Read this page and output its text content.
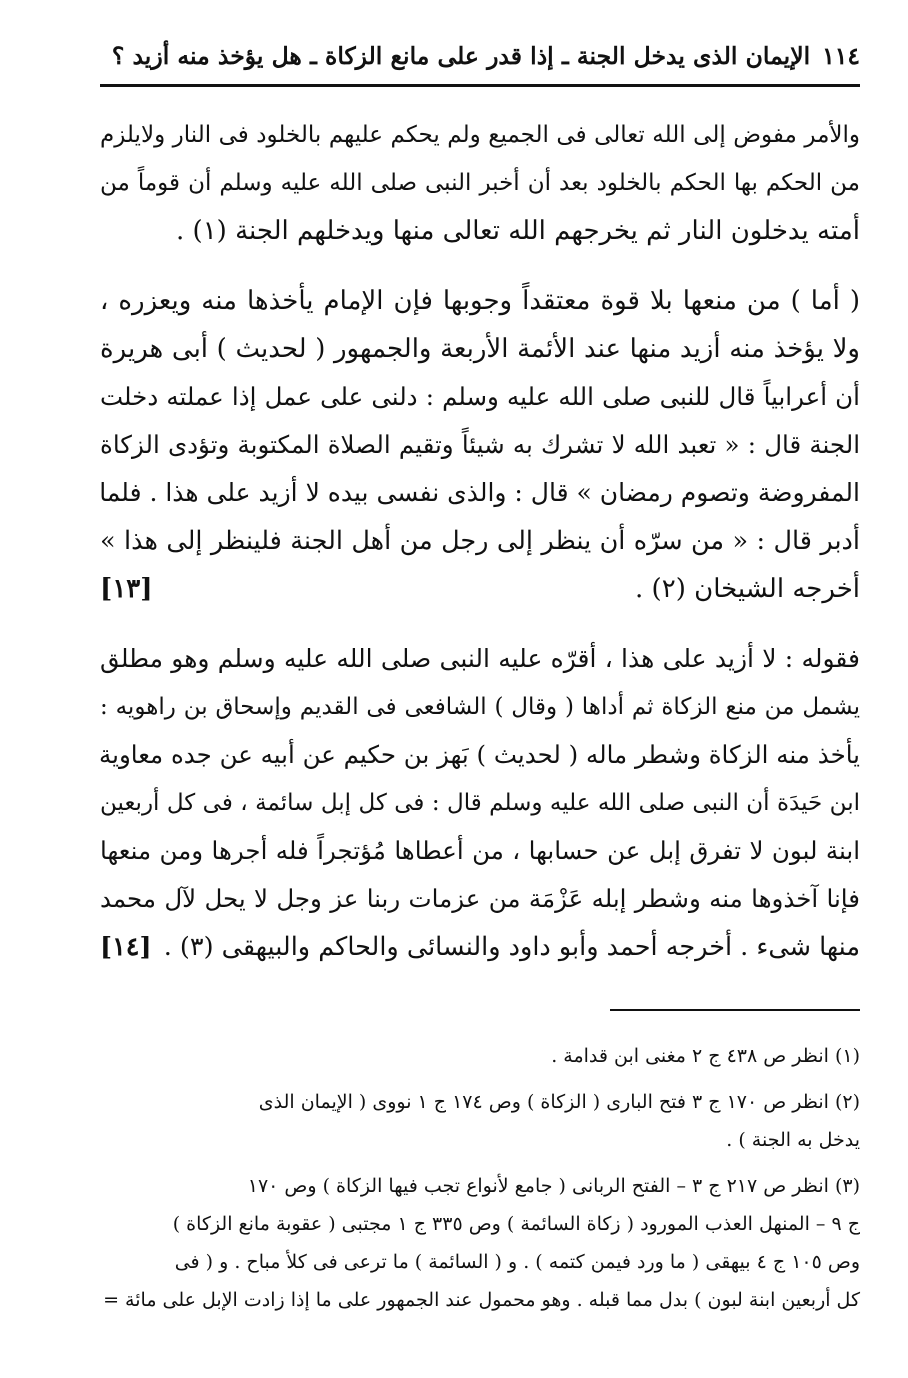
١١٤
الإيمان الذى يدخل الجنة ـ إذا قدر على مانع الزكاة ـ هل يؤخذ منه أزيد ؟
والأمر مفوض إلى الله تعالى فى الجميع ولم يحكم عليهم بالخلود فى النار ولايلزم
من الحكم بها الحكم بالخلود بعد أن أخبر النبى صلى الله عليه وسلم أن قوماً من
أمته يدخلون النار ثم يخرجهم الله تعالى منها ويدخلهم الجنة (١) .
( أما ) من منعها بلا قوة معتقداً وجوبها فإن الإمام يأخذها منه ويعزره ،
ولا يؤخذ منه أزيد منها عند الأئمة الأربعة والجمهور ( لحديث ) أبى هريرة
أن أعرابياً قال للنبى صلى الله عليه وسلم : دلنى على عمل إذا عملته دخلت
الجنة قال : « تعبد الله لا تشرك به شيئاً وتقيم الصلاة المكتوبة وتؤدى الزكاة
المفروضة وتصوم رمضان » قال : والذى نفسى بيده لا أزيد على هذا . فلما
أدبر قال : « من سرّه أن ينظر إلى رجل من أهل الجنة فلينظر إلى هذا »
أخرجه الشيخان (٢) .
[١٣]
فقوله : لا أزيد على هذا ، أقرّه عليه النبى صلى الله عليه وسلم وهو مطلق
يشمل من منع الزكاة ثم أداها ( وقال ) الشافعى فى القديم وإسحاق بن راهويه :
يأخذ منه الزكاة وشطر ماله ( لحديث ) بَهز بن حكيم عن أبيه عن جده معاوية
ابن حَيدَة أن النبى صلى الله عليه وسلم قال : فى كل إبل سائمة ، فى كل أربعين
ابنة لبون لا تفرق إبل عن حسابها ، من أعطاها مُؤتجراً فله أجرها ومن منعها
فإنا آخذوها منه وشطر إبله عَزْمَة من عزمات ربنا عز وجل لا يحل لآل محمد
منها شىء . أخرجه أحمد وأبو داود والنسائى والحاكم والبيهقى (٣) .
[١٤]
(١) انظر ص ٤٣٨ ج ٢ مغنى ابن قدامة .
(٢) انظر ص ١٧٠ ج ٣ فتح البارى ( الزكاة ) وص ١٧٤ ج ١ نووى ( الإيمان الذى
يدخل به الجنة ) .
(٣) انظر ص ٢١٧ ج ٣ – الفتح الربانى ( جامع لأنواع تجب فيها الزكاة ) وص ١٧٠
ج ٩ – المنهل العذب المورود ( زكاة السائمة ) وص ٣٣٥ ج ١ مجتبى ( عقوبة مانع الزكاة )
وص ١٠٥ ج ٤ بيهقى ( ما ورد فيمن كتمه ) . و ( السائمة ) ما ترعى فى كلأ مباح . و ( فى
كل أربعين ابنة لبون ) بدل مما قبله . وهو محمول عند الجمهور على ما إذا زادت الإبل على مائة =
